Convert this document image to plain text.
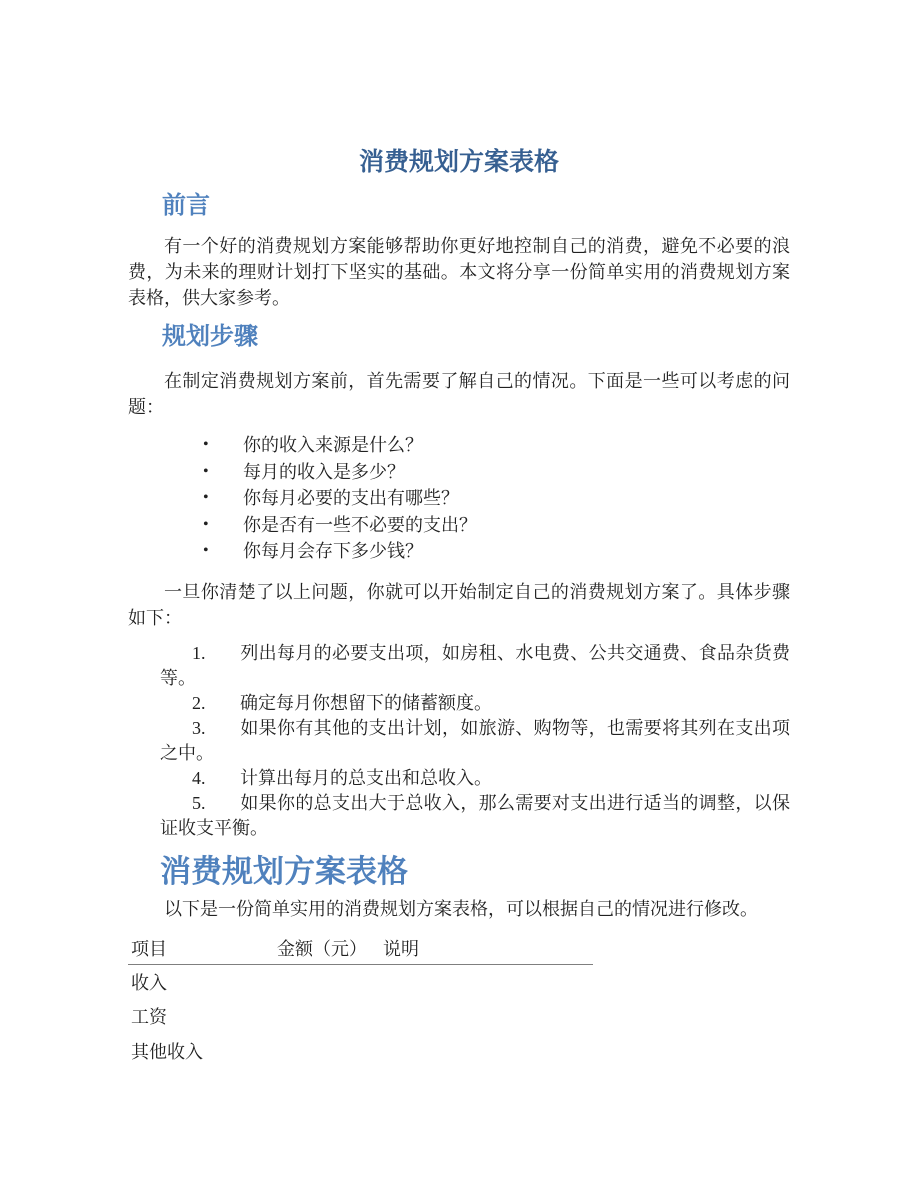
消费规划方案表格
前言

有一个好的消费规划方案能够帮助你更好地控制自己的消费，避免不必要的浪费，为未来的理财计划打下坚实的基础。本文将分享一份简单实用的消费规划方案表格，供大家参考。

规划步骤

在制定消费规划方案前，首先需要了解自己的情况。下面是一些可以考虑的问题：

• 你的收入来源是什么？
• 每月的收入是多少？
• 你每月必要的支出有哪些？
• 你是否有一些不必要的支出？
• 你每月会存下多少钱？

一旦你清楚了以上问题，你就可以开始制定自己的消费规划方案了。具体步骤如下：

1. 列出每月的必要支出项，如房租、水电费、公共交通费、食品杂货费等。
2. 确定每月你想留下的储蓄额度。
3. 如果你有其他的支出计划，如旅游、购物等，也需要将其列在支出项之中。
4. 计算出每月的总支出和总收入。
5. 如果你的总支出大于总收入，那么需要对支出进行适当的调整，以保证收支平衡。
消费规划方案表格

以下是一份简单实用的消费规划方案表格，可以根据自己的情况进行修改。

项目	金额（元）	说明
收入		
工资		
其他收入		
